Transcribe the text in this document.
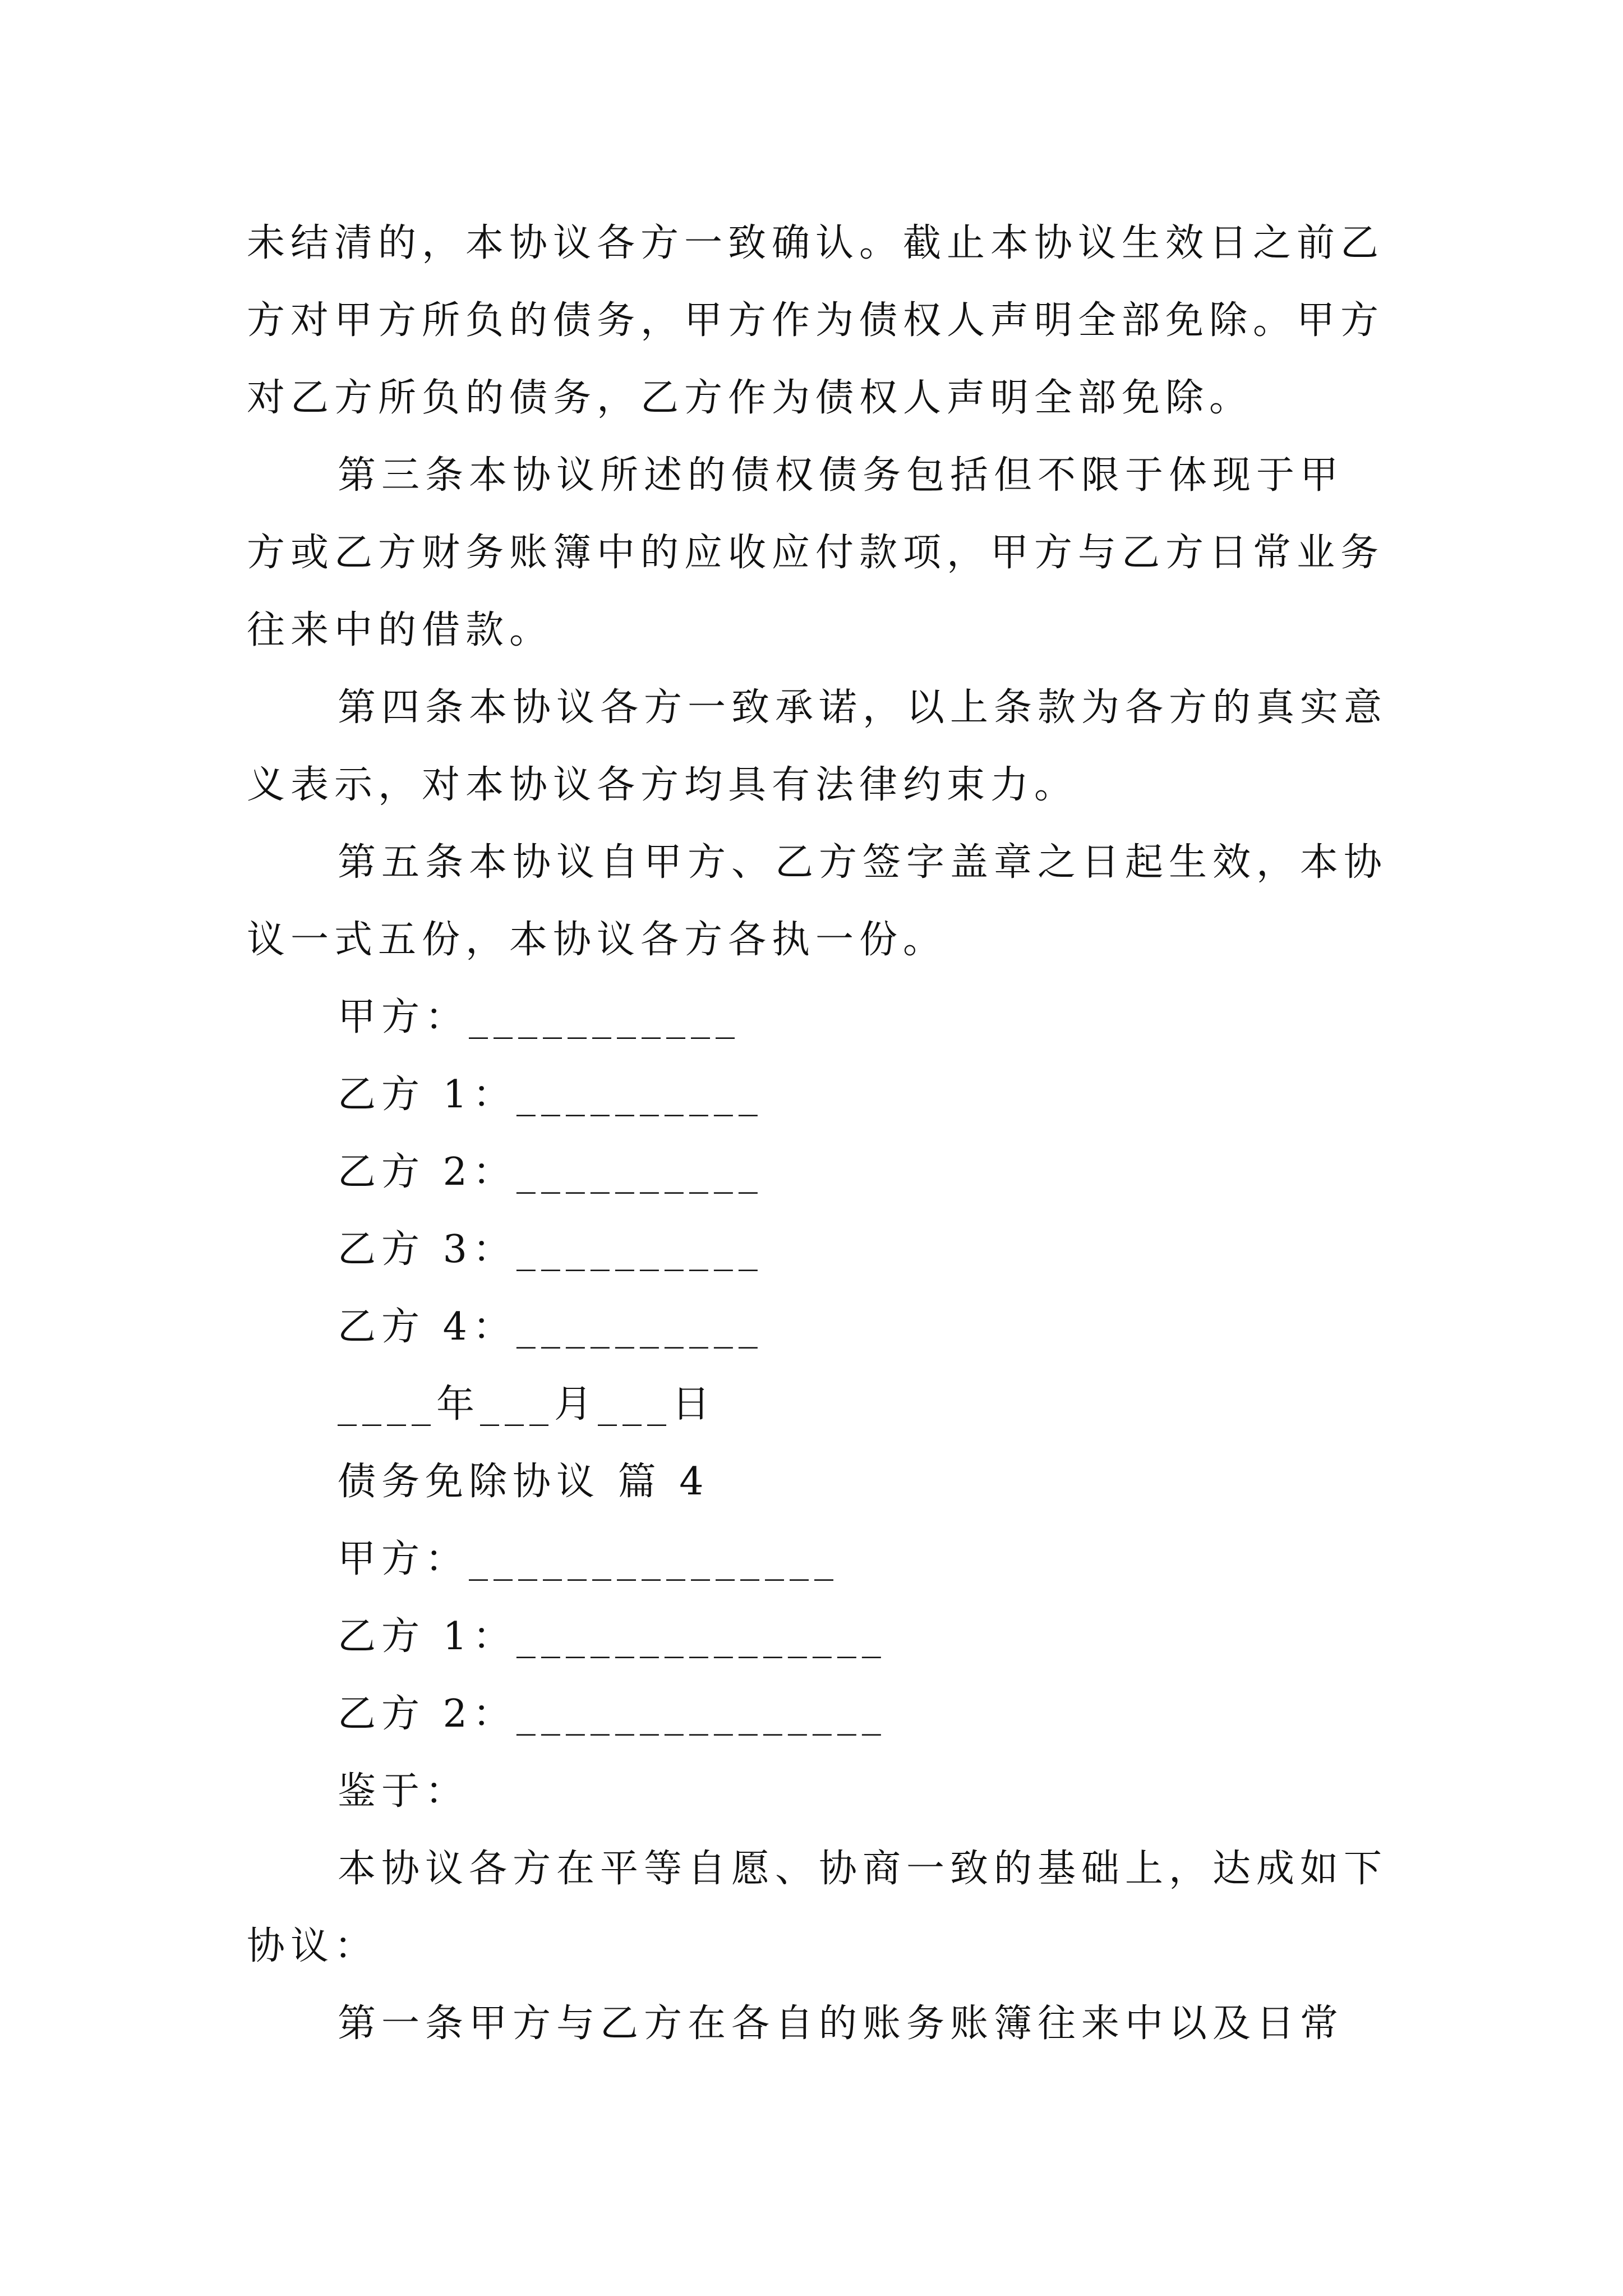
未结清的，本协议各方一致确认。截止本协议生效日之前乙
方对甲方所负的债务，甲方作为债权人声明全部免除。甲方
对乙方所负的债务，乙方作为债权人声明全部免除。
第三条本协议所述的债权债务包括但不限于体现于甲
方或乙方财务账簿中的应收应付款项，甲方与乙方日常业务
往来中的借款。
第四条本协议各方一致承诺，以上条款为各方的真实意
义表示，对本协议各方均具有法律约束力。
第五条本协议自甲方、乙方签字盖章之日起生效，本协
议一式五份，本协议各方各执一份。
甲方：___________
乙方 1：__________
乙方 2：__________
乙方 3：__________
乙方 4：__________
____年___月___日
债务免除协议 篇 4
甲方：_______________
乙方 1：_______________
乙方 2：_______________
鉴于：
本协议各方在平等自愿、协商一致的基础上，达成如下
协议：
第一条甲方与乙方在各自的账务账簿往来中以及日常
